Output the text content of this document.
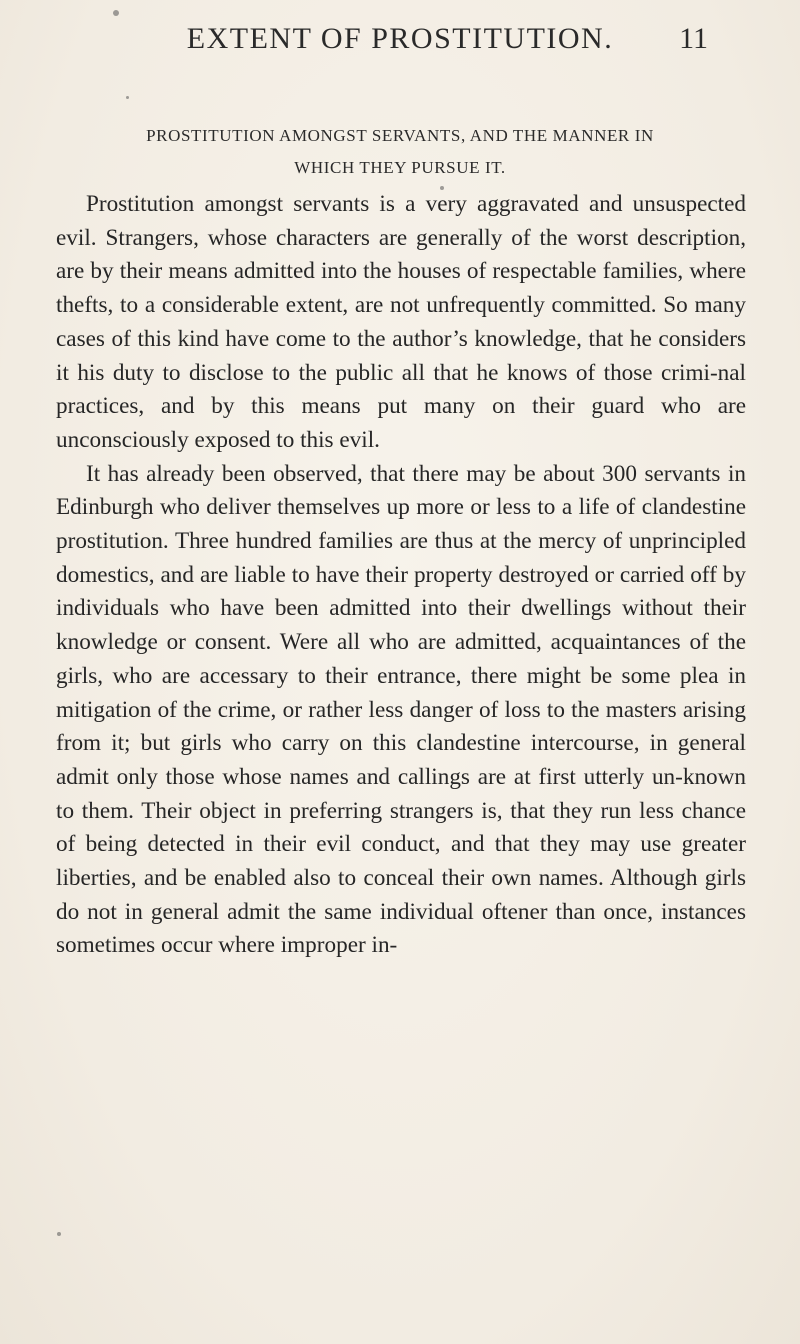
EXTENT OF PROSTITUTION.	11
PROSTITUTION AMONGST SERVANTS, AND THE MANNER IN
WHICH THEY PURSUE IT.

Prostitution amongst servants is a very aggravated and unsuspected evil. Strangers, whose characters are generally of the worst description, are by their means admitted into the houses of respectable families, where thefts, to a considerable extent, are not unfrequently committed. So many cases of this kind have come to the author’s knowledge, that he considers it his duty to disclose to the public all that he knows of those crimi-nal practices, and by this means put many on their guard who are unconsciously exposed to this evil.

It has already been observed, that there may be about 300 servants in Edinburgh who deliver themselves up more or less to a life of clandestine prostitution. Three hundred families are thus at the mercy of unprincipled domestics, and are liable to have their property destroyed or carried off by individuals who have been admitted into their dwellings without their knowledge or consent. Were all who are admitted, acquaintances of the girls, who are accessary to their entrance, there might be some plea in mitigation of the crime, or rather less danger of loss to the masters arising from it; but girls who carry on this clandestine intercourse, in general admit only those whose names and callings are at first utterly un-known to them. Their object in preferring strangers is, that they run less chance of being detected in their evil conduct, and that they may use greater liberties, and be enabled also to conceal their own names. Although girls do not in general admit the same individual oftener than once, instances sometimes occur where improper in-
